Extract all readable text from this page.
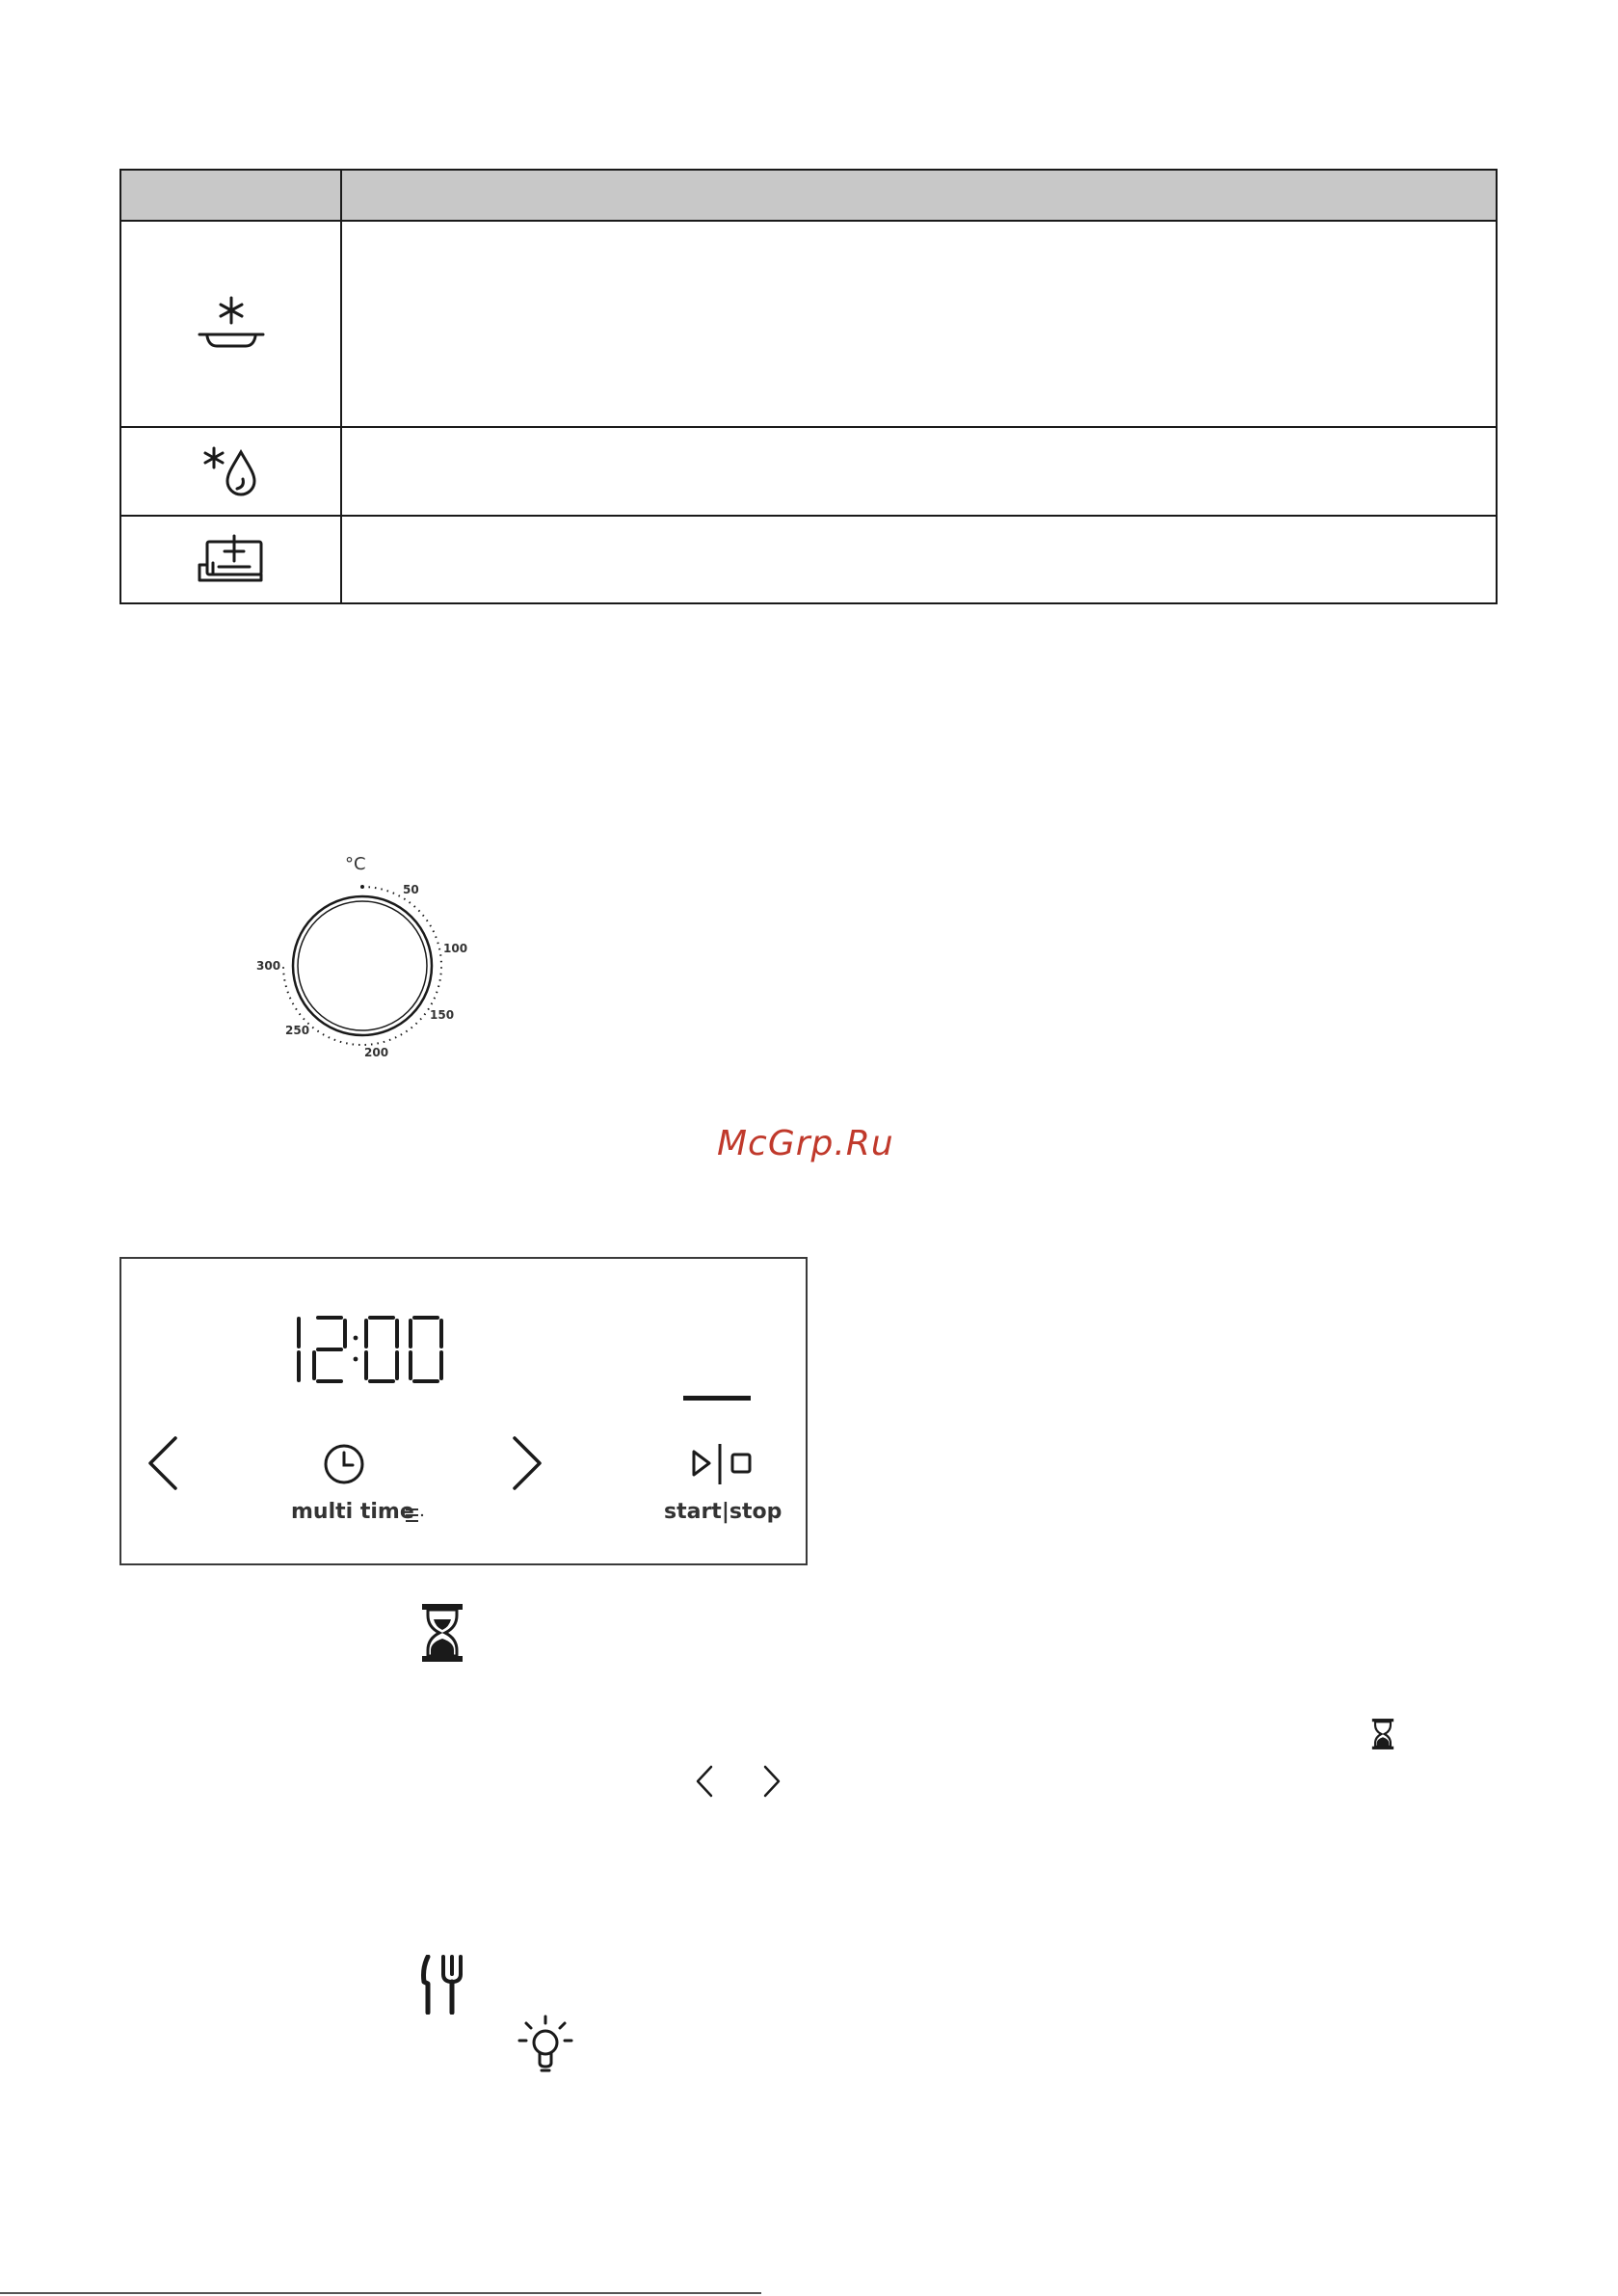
°C
50
100
150
200
250
300
McGrp.Ru
multi time	start|stop
